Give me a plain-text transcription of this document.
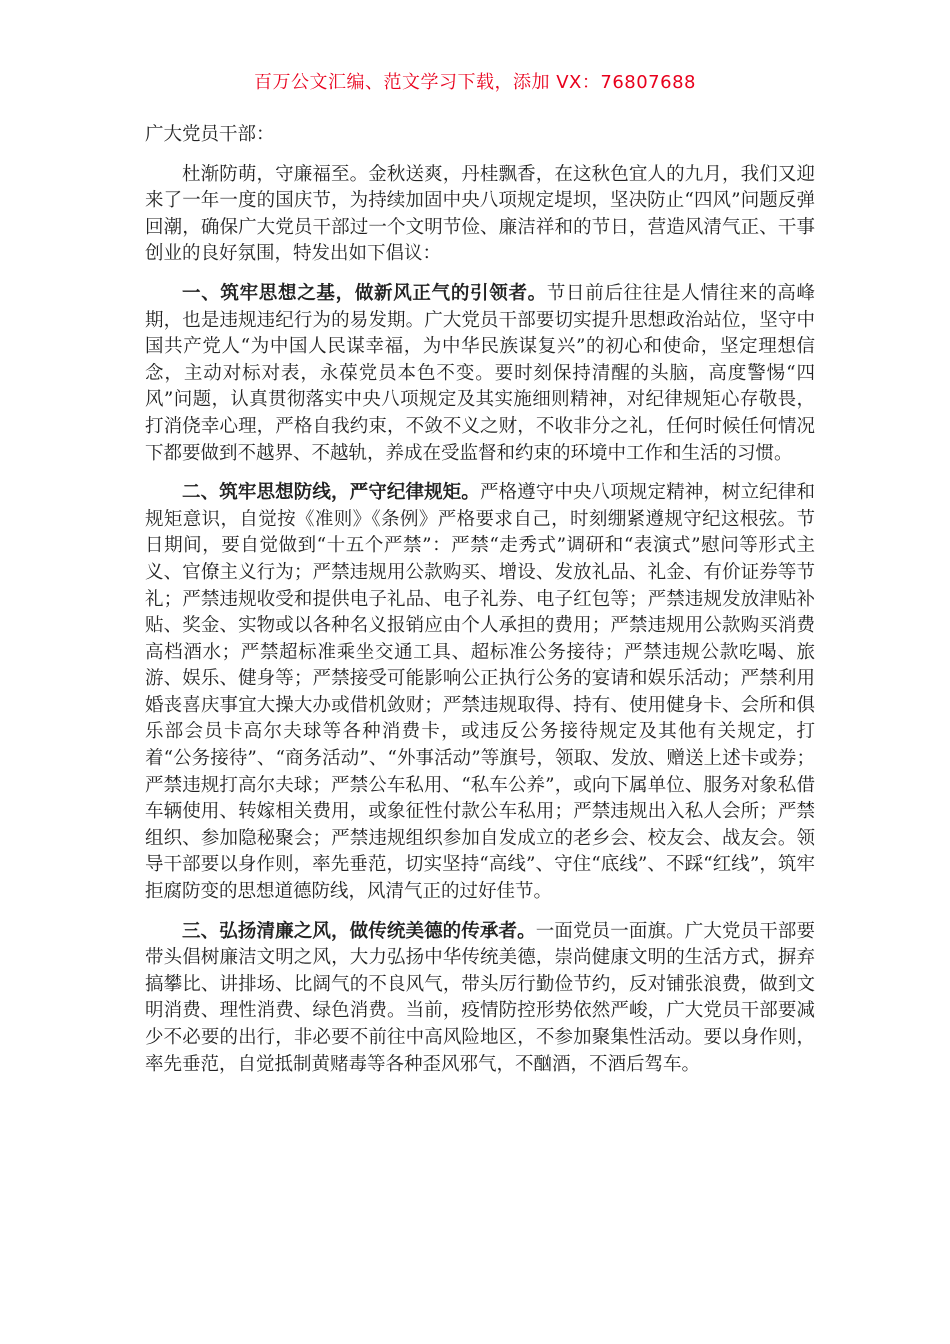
百万公文汇编、范文学习下载，添加 VX：76807688

广大党员干部：

杜渐防萌，守廉福至。金秋送爽，丹桂飘香，在这秋色宜人的九月，我们又迎来了一年一度的国庆节，为持续加固中央八项规定堤坝，坚决防止“四风”问题反弹回潮，确保广大党员干部过一个文明节俭、廉洁祥和的节日，营造风清气正、干事创业的良好氛围，特发出如下倡议：

一、筑牢思想之基，做新风正气的引领者。节日前后往往是人情往来的高峰期，也是违规违纪行为的易发期。广大党员干部要切实提升思想政治站位，坚守中国共产党人“为中国人民谋幸福，为中华民族谋复兴”的初心和使命，坚定理想信念，主动对标对表，永葆党员本色不变。要时刻保持清醒的头脑，高度警惕“四风”问题，认真贯彻落实中央八项规定及其实施细则精神，对纪律规矩心存敬畏，打消侥幸心理，严格自我约束，不敛不义之财，不收非分之礼，任何时候任何情况下都要做到不越界、不越轨，养成在受监督和约束的环境中工作和生活的习惯。

二、筑牢思想防线，严守纪律规矩。严格遵守中央八项规定精神，树立纪律和规矩意识，自觉按《准则》《条例》严格要求自己，时刻绷紧遵规守纪这根弦。节日期间，要自觉做到“十五个严禁”：严禁“走秀式”调研和“表演式”慰问等形式主义、官僚主义行为；严禁违规用公款购买、增设、发放礼品、礼金、有价证券等节礼；严禁违规收受和提供电子礼品、电子礼券、电子红包等；严禁违规发放津贴补贴、奖金、实物或以各种名义报销应由个人承担的费用；严禁违规用公款购买消费高档酒水；严禁超标准乘坐交通工具、超标准公务接待；严禁违规公款吃喝、旅游、娱乐、健身等；严禁接受可能影响公正执行公务的宴请和娱乐活动；严禁利用婚丧喜庆事宜大操大办或借机敛财；严禁违规取得、持有、使用健身卡、会所和俱乐部会员卡高尔夫球等各种消费卡，或违反公务接待规定及其他有关规定，打着“公务接待”、“商务活动”、“外事活动”等旗号，领取、发放、赠送上述卡或券；严禁违规打高尔夫球；严禁公车私用、“私车公养”，或向下属单位、服务对象私借车辆使用、转嫁相关费用，或象征性付款公车私用；严禁违规出入私人会所；严禁组织、参加隐秘聚会；严禁违规组织参加自发成立的老乡会、校友会、战友会。领导干部要以身作则，率先垂范，切实坚持“高线”、守住“底线”、不踩“红线”，筑牢拒腐防变的思想道德防线，风清气正的过好佳节。

三、弘扬清廉之风，做传统美德的传承者。一面党员一面旗。广大党员干部要带头倡树廉洁文明之风，大力弘扬中华传统美德，崇尚健康文明的生活方式，摒弃搞攀比、讲排场、比阔气的不良风气，带头厉行勤俭节约，反对铺张浪费，做到文明消费、理性消费、绿色消费。当前，疫情防控形势依然严峻，广大党员干部要减少不必要的出行，非必要不前往中高风险地区，不参加聚集性活动。要以身作则，率先垂范，自觉抵制黄赌毒等各种歪风邪气，不酗酒，不酒后驾车。
